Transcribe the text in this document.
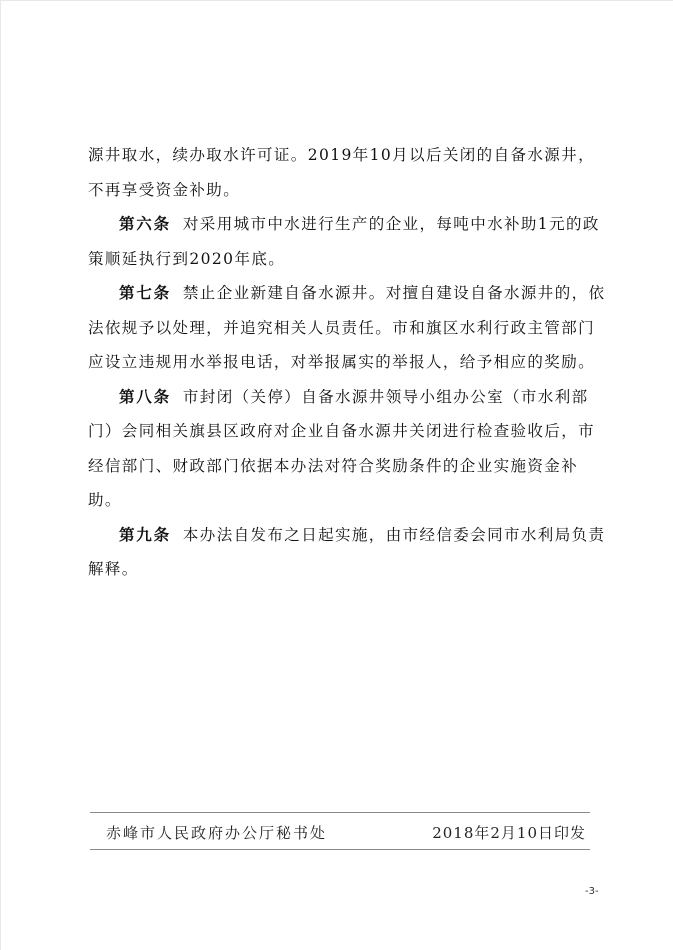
源井取水，续办取水许可证。2019年10月以后关闭的自备水源井，不再享受资金补助。

第六条 对采用城市中水进行生产的企业，每吨中水补助1元的政策顺延执行到2020年底。

第七条 禁止企业新建自备水源井。对擅自建设自备水源井的，依法依规予以处理，并追究相关人员责任。市和旗区水利行政主管部门应设立违规用水举报电话，对举报属实的举报人，给予相应的奖励。

第八条 市封闭（关停）自备水源井领导小组办公室（市水利部门）会同相关旗县区政府对企业自备水源井关闭进行检查验收后，市经信部门、财政部门依据本办法对符合奖励条件的企业实施资金补助。

第九条 本办法自发布之日起实施，由市经信委会同市水利局负责解释。

赤峰市人民政府办公厅秘书处	2018年2月10日印发
-3-
